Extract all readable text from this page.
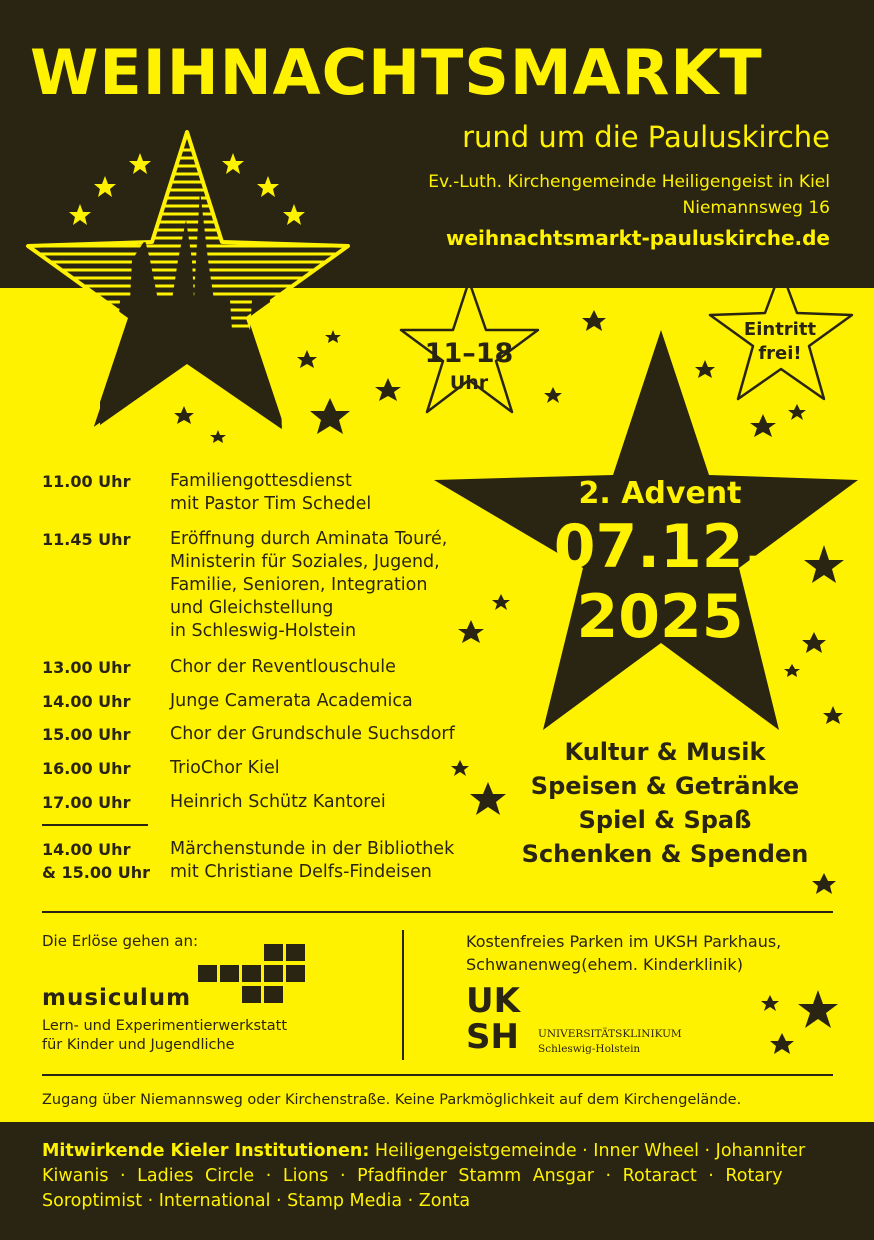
WEIHNACHTSMARKT
rund um die Pauluskirche
Ev.-Luth. Kirchengemeinde Heiligengeist in Kiel
Niemannsweg 16
weihnachtsmarkt-pauluskirche.de
11–18
Uhr
Eintritt
frei!
2. Advent
07.12.
2025
Kultur & Musik
Speisen & Getränke
Spiel & Spaß
Schenken & Spenden
11.00 Uhr Familiengottesdienst
mit Pastor Tim Schedel
11.45 Uhr Eröffnung durch Aminata Touré,
Ministerin für Soziales, Jugend,
Familie, Senioren, Integration
und Gleichstellung
in Schleswig-Holstein
13.00 Uhr Chor der Reventlouschule
14.00 Uhr Junge Camerata Academica
15.00 Uhr Chor der Grundschule Suchsdorf
16.00 Uhr TrioChor Kiel
17.00 Uhr Heinrich Schütz Kantorei
14.00 Uhr
& 15.00 Uhr
Märchenstunde in der Bibliothek
mit Christiane Delfs-Findeisen
Die Erlöse gehen an:
musiculum
Lern- und Experimentierwerkstatt
für Kinder und Jugendliche
Kostenfreies Parken im UKSH Parkhaus,
Schwanenweg(ehem. Kinderklinik)
UK
SH UNIVERSITÄTSKLINIKUM
Schleswig-Holstein
Zugang über Niemannsweg oder Kirchenstraße. Keine Parkmöglichkeit auf dem Kirchengelände.
Mitwirkende Kieler Institutionen: Heiligengeistgemeinde · Inner Wheel · Johanniter
Kiwanis · Ladies Circle · Lions · Pfadfinder Stamm Ansgar · Rotaract · Rotary
Soroptimist · International · Stamp Media · Zonta
